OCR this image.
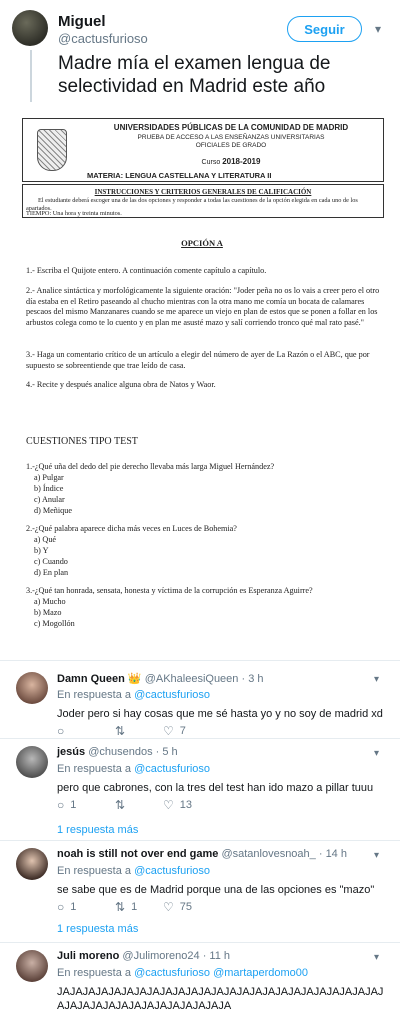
Miguel
@cactusfurioso
Seguir	▾
Madre mía el examen lengua de selectividad en Madrid este año
UNIVERSIDADES PÚBLICAS DE LA COMUNIDAD DE MADRID
PRUEBA DE ACCESO A LAS ENSEÑANZAS UNIVERSITARIAS
OFICIALES DE GRADO
Curso 2018-2019
MATERIA: LENGUA CASTELLANA Y LITERATURA II
INSTRUCCIONES Y CRITERIOS GENERALES DE CALIFICACIÓN
El estudiante deberá escoger una de las dos opciones y responder a todas las cuestiones de la opción elegida en cada uno de los apartados.
TIEMPO: Una hora y treinta minutos.
OPCIÓN A
1.- Escriba el Quijote entero. A continuación comente capítulo a capítulo.
2.- Analice sintáctica y morfológicamente la siguiente oración: "Joder peña no os lo vais a creer pero el otro día estaba en el Retiro paseando al chucho mientras con la otra mano me comía un bocata de calamares pescaos del mismo Manzanares cuando se me aparece un viejo en plan de estos que se ponen a follar en los arbustos colega como te lo cuento y en plan me asusté mazo y salí corriendo tronco qué mal rato pasé."
3.- Haga un comentario crítico de un artículo a elegir del número de ayer de La Razón o el ABC, que por supuesto se sobreentiende que trae leído de casa.
4.- Recite y después analice alguna obra de Natos y Waor.
CUESTIONES TIPO TEST
1.-¿Qué uña del dedo del pie derecho llevaba más larga Miguel Hernández?
a) Pulgar
b) Índice
c) Anular
d) Meñique
2.-¿Qué palabra aparece dicha más veces en Luces de Bohemia?
a) Qué
b) Y
c) Cuando
d) En plan
3.-¿Qué tan honrada, sensata, honesta y víctima de la corrupción es Esperanza Aguirre?
a) Mucho
b) Mazo
c) Mogollón
Damn Queen 👑 @AKhaleesiQueen · 3 h	▾
En respuesta a @cactusfurioso
Joder pero si hay cosas que me sé hasta yo y no soy de madrid xd
○	⇅	♡ 7
jesús @chusendos · 5 h	▾
En respuesta a @cactusfurioso
pero que cabrones, con la tres del test han ido mazo a pillar tuuu
○ 1	⇅	♡ 13
1 respuesta más
noah is still not over end game @satanlovesnoah_ · 14 h	▾
En respuesta a @cactusfurioso
se sabe que es de Madrid porque una de las opciones es "mazo"
○ 1	⇅ 1 ♡ 75
1 respuesta más
Juli moreno @Julimoreno24 · 11 h	▾
En respuesta a @cactusfurioso @martaperdomo00
JAJAJAJAJAJAJAJAJAJAJAJAJAJAJAJAJAJAJAJAJAJAJAJAJAJAJAJAJAJAJAJAJAJAJAJAJAJAJA
